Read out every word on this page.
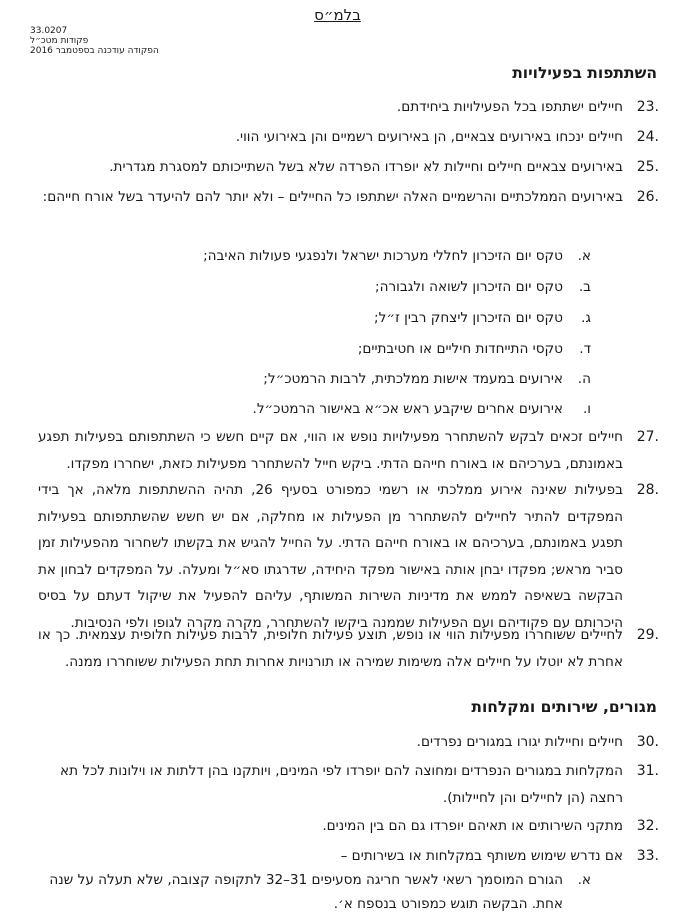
בלמ״ס
33.0207
פקודות מטכ״ל
הפקודה עודכנה בספטמבר 2016
השתתפות בפעילויות
23.
חיילים ישתתפו בכל הפעילויות ביחידתם.
24.
חיילים ינכחו באירועים צבאיים, הן באירועים רשמיים והן באירועי הווי.
25.
באירועים צבאיים חיילים וחיילות לא יופרדו הפרדה שלא בשל השתייכותם למסגרת מגדרית.
26.
באירועים הממלכתיים והרשמיים האלה ישתתפו כל החיילים – ולא יותר להם להיעדר בשל אורח חייהם:
א.
טקס יום הזיכרון לחללי מערכות ישראל ולנפגעי פעולות האיבה;
ב.
טקס יום הזיכרון לשואה ולגבורה;
ג.
טקס יום הזיכרון ליצחק רבין ז״ל;
ד.
טקסי התייחדות חיליים או חטיבתיים;
ה.
אירועים במעמד אישות ממלכתית, לרבות הרמטכ״ל;
ו.
אירועים אחרים שיקבע ראש אכ״א באישור הרמטכ״ל.
27.
חיילים זכאים לבקש להשתחרר מפעילויות נופש או הווי, אם קיים חשש כי השתתפותם בפעילות תפגע באמונתם, בערכיהם או באורח חייהם הדתי. ביקש חייל להשתחרר מפעילות כזאת, ישחררו מפקדו.
28.
בפעילות שאינה אירוע ממלכתי או רשמי כמפורט בסעיף 26, תהיה ההשתתפות מלאה, אך בידי המפקדים להתיר לחיילים להשתחרר מן הפעילות או מחלקה, אם יש חשש שהשתתפותם בפעילות תפגע באמונתם, בערכיהם או באורח חייהם הדתי. על החייל להגיש את בקשתו לשחרור מהפעילות זמן סביר מראש; מפקדו יבחן אותה באישור מפקד היחידה, שדרגתו סא״ל ומעלה. על המפקדים לבחון את הבקשה בשאיפה לממש את מדיניות השירות המשותף, עליהם להפעיל את שיקול דעתם על בסיס היכרותם עם פקודיהם ועם הפעילות שממנה ביקשו להשתחרר, מקרה מקרה לגופו ולפי הנסיבות.
29.
לחיילים ששוחררו מפעילות הווי או נופש, תוצע פעילות חלופית, לרבות פעילות חלופית עצמאית. כך או אחרת לא יוטלו על חיילים אלה משימות שמירה או תורנויות אחרות תחת הפעילות ששוחררו ממנה.
מגורים, שירותים ומקלחות
30.
חיילים וחיילות יגורו במגורים נפרדים.
31.
המקלחות במגורים הנפרדים ומחוצה להם יופרדו לפי המינים, ויותקנו בהן דלתות או וילונות לכל תא רחצה (הן לחיילים והן לחיילות).
32.
מתקני השירותים או תאיהם יופרדו גם הם בין המינים.
33.
אם נדרש שימוש משותף במקלחות או בשירותים –
א.
הגורם המוסמך רשאי לאשר חריגה מסעיפים 31–32 לתקופה קצובה, שלא תעלה על שנה אחת. הבקשה תוגש כמפורט בנספח א׳.
